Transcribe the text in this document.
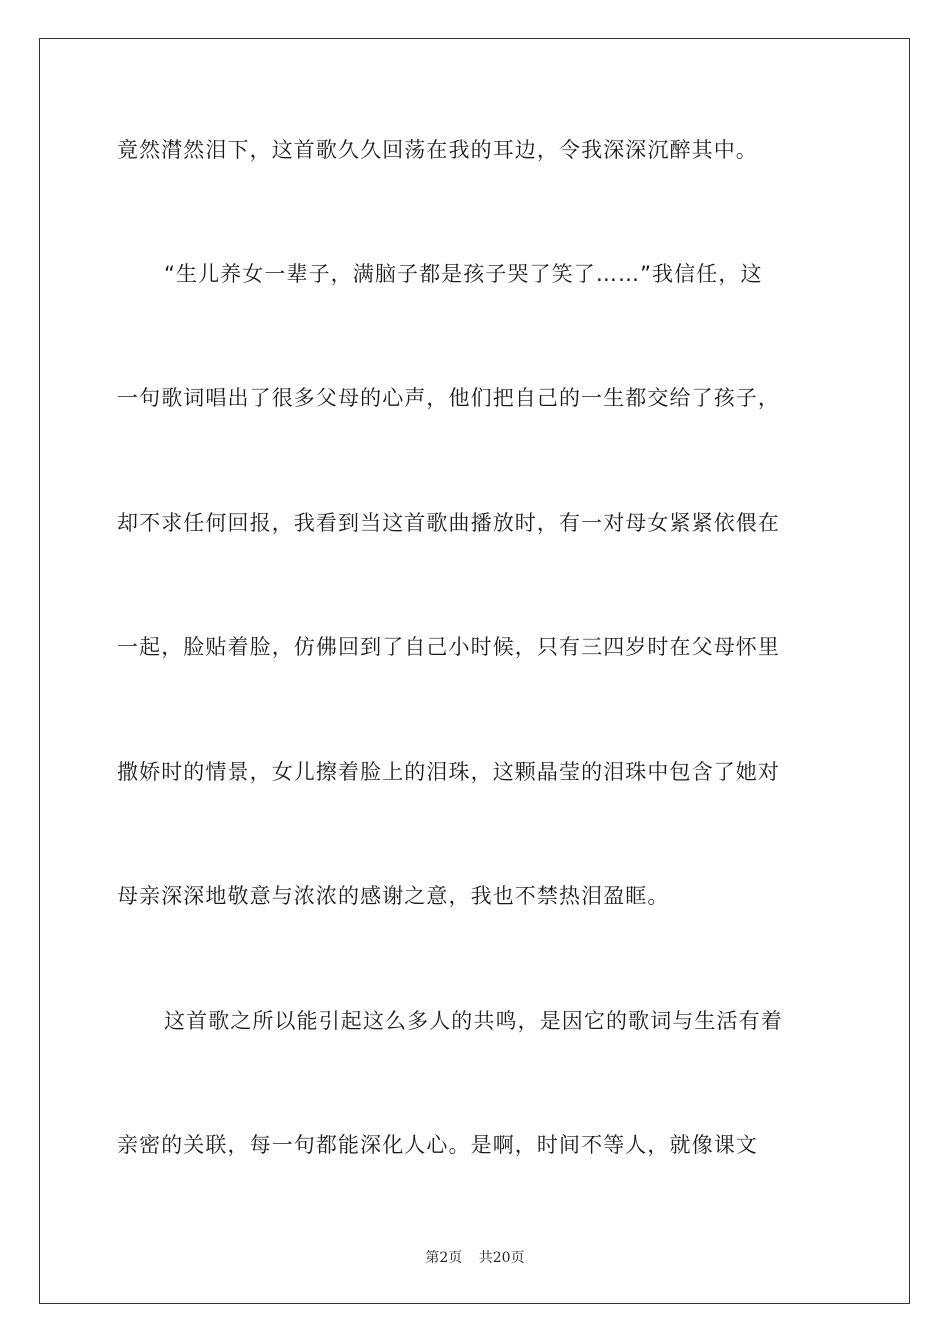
竟然潸然泪下，这首歌久久回荡在我的耳边，令我深深沉醉其中。
“生儿养女一辈子，满脑子都是孩子哭了笑了……”我信任，这
一句歌词唱出了很多父母的心声，他们把自己的一生都交给了孩子，
却不求任何回报，我看到当这首歌曲播放时，有一对母女紧紧依偎在
一起，脸贴着脸，仿佛回到了自己小时候，只有三四岁时在父母怀里
撒娇时的情景，女儿擦着脸上的泪珠，这颗晶莹的泪珠中包含了她对
母亲深深地敬意与浓浓的感谢之意，我也不禁热泪盈眶。
这首歌之所以能引起这么多人的共鸣，是因它的歌词与生活有着
亲密的关联，每一句都能深化人心。是啊，时间不等人，就像课文
第2页 共20页
